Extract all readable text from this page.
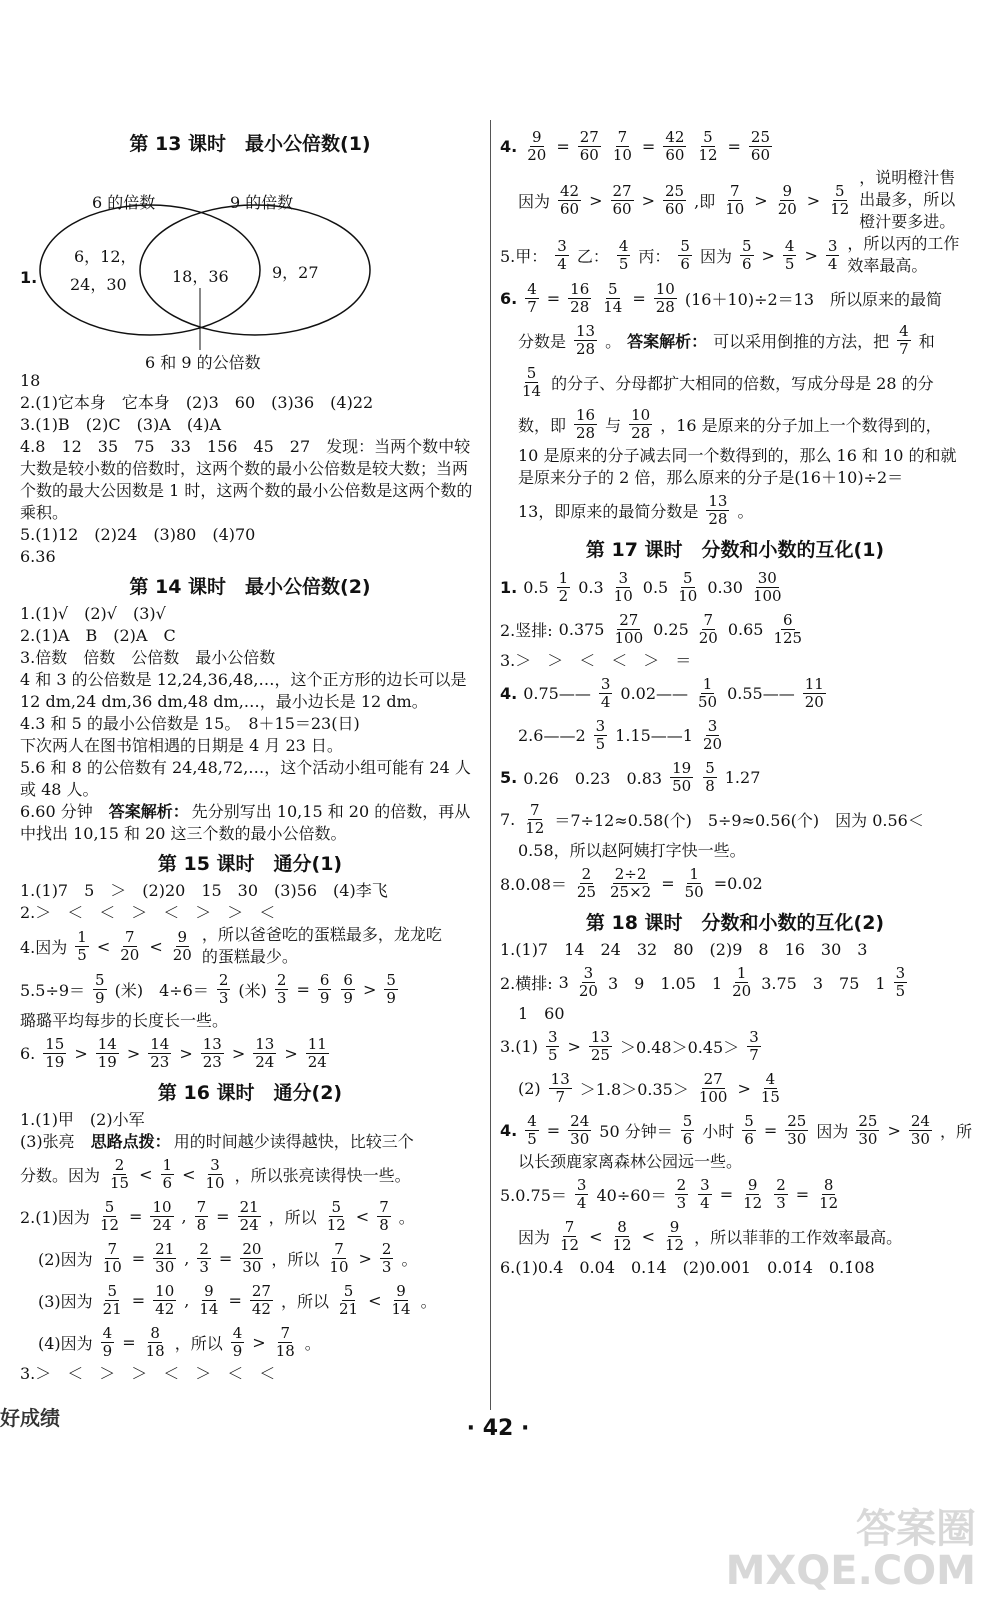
第 13 课时　最小公倍数(1)
6 的倍数	9 的倍数
6，12，
24，30	18，36	9，27
1.
6 和 9 的公倍数
18
2.(1)它本身　它本身　(2)3　60　(3)36　(4)22
3.(1)B　(2)C　(3)A　(4)A
4.8　12　35　75　33　156　45　27　发现：当两个数中较大数是较小数的倍数时，这两个数的最小公倍数是较大数；当两个数的最大公因数是 1 时，这两个数的最小公倍数是这两个数的乘积。
5.(1)12　(2)24　(3)80　(4)70
6.36
第 14 课时　最小公倍数(2)
1.(1)√　(2)√　(3)√
2.(1)A　B　(2)A　C
3.倍数　倍数　公倍数　最小公倍数
4 和 3 的公倍数是 12,24,36,48,…，这个正方形的边长可以是 12 dm,24 dm,36 dm,48 dm,…，最小边长是 12 dm。
4.3 和 5 的最小公倍数是 15。　8＋15＝23(日)
下次两人在图书馆相遇的日期是 4 月 23 日。
5.6 和 8 的公倍数有 24,48,72,…，这个活动小组可能有 24 人或 48 人。
6.60 分钟　答案解析： 先分别写出 10,15 和 20 的倍数，再从中找出 10,15 和 20 这三个数的最小公倍数。
第 15 课时　通分(1)
1.(1)7　5　＞　(2)20　15　30　(3)56　(4)李飞
2.＞　＜　＜　＞　＜　＞　＞　＜
4.因为 $\frac{1}{5} < \frac{7}{20} < \frac{9}{20}$ ，所以爸爸吃的蛋糕最多，龙龙吃的蛋糕最少。
$5.5\div 9= \frac{5}{9}$ (米)　$4\div 6= \frac{2}{3}$ (米) $\frac{2}{3} = \frac{6}{9} \frac{6}{9} > \frac{5}{9}$
璐璐平均每步的长度长一些。
6. $\frac{15}{19} > \frac{14}{19} > \frac{14}{23} > \frac{13}{23} > \frac{13}{24} > \frac{11}{24}$
第 16 课时　通分(2)
1.(1)甲　(2)小军
(3)张亮　思路点拨： 用的时间越少读得越快，比较三个
分数。因为 $\frac{2}{15} < \frac{1}{6} < \frac{3}{10}$ ，所以张亮读得快一些。
2.(1)因为 $\frac{5}{12} = \frac{10}{24}$ , $\frac{7}{8} = \frac{21}{24}$ ，所以 $\frac{5}{12} < \frac{7}{8}$ 。
(2)因为 $\frac{7}{10} = \frac{21}{30}$ , $\frac{2}{3} = \frac{20}{30}$ ，所以 $\frac{7}{10} > \frac{2}{3}$ 。
(3)因为 $\frac{5}{21} = \frac{10}{42}$ , $\frac{9}{14} = \frac{27}{42}$ ，所以 $\frac{5}{21} < \frac{9}{14}$ 。
(4)因为 $\frac{4}{9} = \frac{8}{18}$ ，所以 $\frac{4}{9} > \frac{7}{18}$ 。
3.＞　＜　＞　＞　＜　＞　＜　＜
4. $\frac{9}{20} = \frac{27}{60} \frac{7}{10} = \frac{42}{60} \frac{5}{12} = \frac{25}{60}$
因为 $\frac{42}{60} > \frac{27}{60} > \frac{25}{60}$ ,即 $\frac{7}{10} > \frac{9}{20} > \frac{5}{12}$
，说明橙汁售出最多，所以橙汁要多进。
5.甲： $\frac{3}{4}$ 乙： $\frac{4}{5}$ 丙： $\frac{5}{6}$ 因为 $\frac{5}{6} > \frac{4}{5} > \frac{3}{4}$ ，所以丙的工作效率最高。
6. $\frac{4}{7} = \frac{16}{28} \frac{5}{14} = \frac{10}{28} (16+10)\div 2=13$　所以原来的最简
分数是 $\frac{13}{28}$ 。 答案解析： 可以采用倒推的方法，把 $\frac{4}{7}$ 和
$\frac{5}{14}$ 的分子、分母都扩大相同的倍数，写成分母是 28 的分
数，即 $\frac{16}{28}$ 与 $\frac{10}{28}$ ，16 是原来的分子加上一个数得到的，
10 是原来的分子减去同一个数得到的，那么 16 和 10 的和就是原来分子的 2 倍，那么原来的分子是(16＋10)÷2＝
13，即原来的最简分数是 $\frac{13}{28}$ 。
第 17 课时　分数和小数的互化(1)
1. $0.5 \frac{1}{2} 0.3 \frac{3}{10} 0.5 \frac{5}{10} 0.30 \frac{30}{100}$
2.竖排: $0.375 \frac{27}{100} 0.25 \frac{7}{20} 0.65 \frac{6}{125}$
3.＞　＞　＜　＜　＞　＝
4. 0.75—— $\frac{3}{4}$ 0.02—— $\frac{1}{50}$ 0.55—— $\frac{11}{20}$
2.6——2 $\frac{3}{5}$ 1.15——1 $\frac{3}{20}$
5. 0.26　0.23　$0.83 \frac{19}{50} \frac{5}{8} 1.27$
7. $\frac{7}{12} =7\div 12\approx 0.58$(个)　5÷9≈0.56(个)　因为 0.56＜
0.58，所以赵阿姨打字快一些。
$8.0.08= \frac{2}{25} \frac{2\div 2}{25\times 2} = \frac{1}{50} =0.02$
第 18 课时　分数和小数的互化(2)
1.(1)7　14　24　32　80　(2)9　8　16　30　3
2.横排: $3 \frac{3}{20} 3$　9　1.05　$1 \frac{1}{20} 3.75$　3　75　$1 \frac{3}{5}$
1　60
$3.(1) \frac{3}{5} > \frac{13}{25} >0.48>0.45> \frac{3}{7}$
$(2) \frac{13}{7} >1.8>0.35> \frac{27}{100} > \frac{4}{15}$
4. $\frac{4}{5} = \frac{24}{30} 50$ 分钟＝ $\frac{5}{6}$ 小时 $\frac{5}{6} = \frac{25}{30}$ 因为 $\frac{25}{30} > \frac{24}{30}$ ，所
以长颈鹿家离森林公园远一些。
$5.0.75= \frac{3}{4} 40\div 60= \frac{2}{3} \frac{3}{4} = \frac{9}{12} \frac{2}{3} = \frac{8}{12}$
因为 $\frac{7}{12} < \frac{8}{12} < \frac{9}{12}$ ，所以菲菲的工作效率最高。
6.(1)0.4̇　0.04̇　0.14̇　(2)0.00̇1　0.01̇4　0.1̇08
好成绩	· 42 ·
答案圈
MXQE.COM
